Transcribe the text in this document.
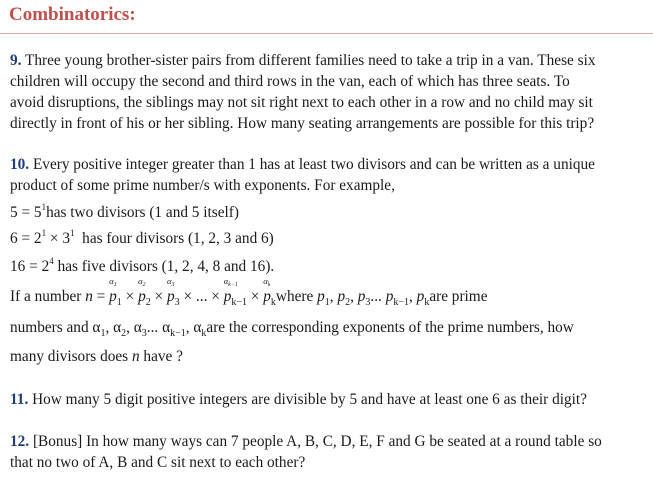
Combinatorics:
9. Three young brother-sister pairs from different families need to take a trip in a van. These six
children will occupy the second and third rows in the van, each of which has three seats. To
avoid disruptions, the siblings may not sit right next to each other in a row and no child may sit
directly in front of his or her sibling. How many seating arrangements are possible for this trip?
10. Every positive integer greater than 1 has at least two divisors and can be written as a unique
product of some prime number/s with exponents. For example,
$5 = 5^1has$ two divisors (1 and 5 itself)
$6 = 2^1 \times 3^1$ has four divisors (1, 2, 3 and 6)
$16 = 2^4$ has five divisors (1, 2, 4, 8 and 16).
If a number n = p
$\alpha_1$
$_1$ × p
$\alpha_2$
$_2$ × p
$\alpha_3$
$_3$ × ... × p
$\alpha_{k-1}$
$_{k-1}$ × p
$\alpha_k$
$_k$where $p_1$, $p_2$, $p_3$... $p_{k-1}$, $p_kare$ prime
numbers and $\alpha_1$, $\alpha_2$, $\alpha_3$... $\alpha_{k-1}$, $\alpha_kare$ the corresponding exponents of the prime numbers, how
many divisors does n have ?
11. How many 5 digit positive integers are divisible by 5 and have at least one 6 as their digit?
12. [Bonus] In how many ways can 7 people A, B, C, D, E, F and G be seated at a round table so
that no two of A, B and C sit next to each other?
